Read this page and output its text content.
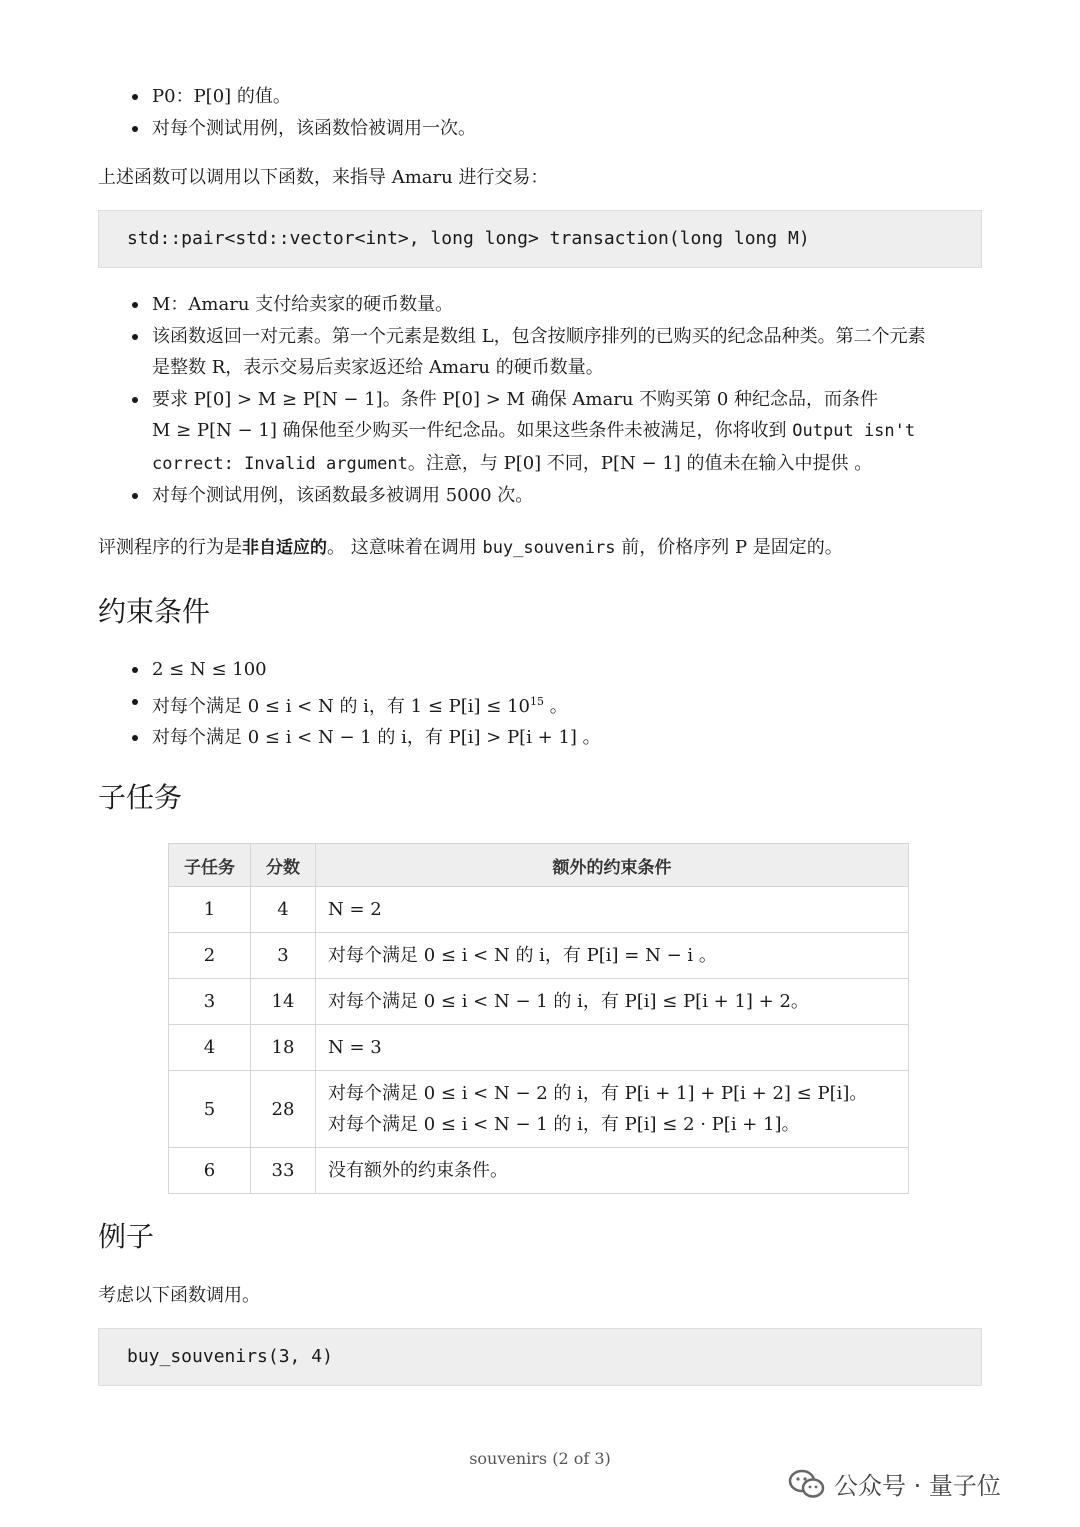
P0：P[0] 的值。
对每个测试用例，该函数恰被调用一次。
上述函数可以调用以下函数，来指导 Amaru 进行交易：
std::pair<std::vector<int>, long long> transaction(long long M)
M：Amaru 支付给卖家的硬币数量。
该函数返回一对元素。第一个元素是数组 L，包含按顺序排列的已购买的纪念品种类。第二个元素
是整数 R，表示交易后卖家返还给 Amaru 的硬币数量。
要求 P[0] > M ≥ P[N − 1]。条件 P[0] > M 确保 Amaru 不购买第 0 种纪念品，而条件
M ≥ P[N − 1] 确保他至少购买一件纪念品。如果这些条件未被满足，你将收到 Output isn't
correct: Invalid argument。注意，与 P[0] 不同，P[N − 1] 的值未在输入中提供 。
对每个测试用例，该函数最多被调用 5000 次。
评测程序的行为是非自适应的。 这意味着在调用 buy_souvenirs 前，价格序列 P 是固定的。
约束条件
2 ≤ N ≤ 100
对每个满足 0 ≤ i < N 的 i，有 $1 \le P[i] \le 10^{15}$ 。
对每个满足 0 ≤ i < N − 1 的 i，有 P[i] > P[i + 1] 。
子任务
子任务	分数	额外的约束条件
1	4	N = 2
2	3	对每个满足 0 ≤ i < N 的 i，有 P[i] = N − i 。
3	14	对每个满足 0 ≤ i < N − 1 的 i，有 P[i] ≤ P[i + 1] + 2。
4	18	N = 3
5	28	对每个满足 0 ≤ i < N − 2 的 i，有 P[i + 1] + P[i + 2] ≤ P[i]。
对每个满足 0 ≤ i < N − 1 的 i，有 P[i] ≤ 2 · P[i + 1]。
6	33	没有额外的约束条件。
例子
考虑以下函数调用。
buy_souvenirs(3, 4)
souvenirs (2 of 3)
公众号 · 量子位
